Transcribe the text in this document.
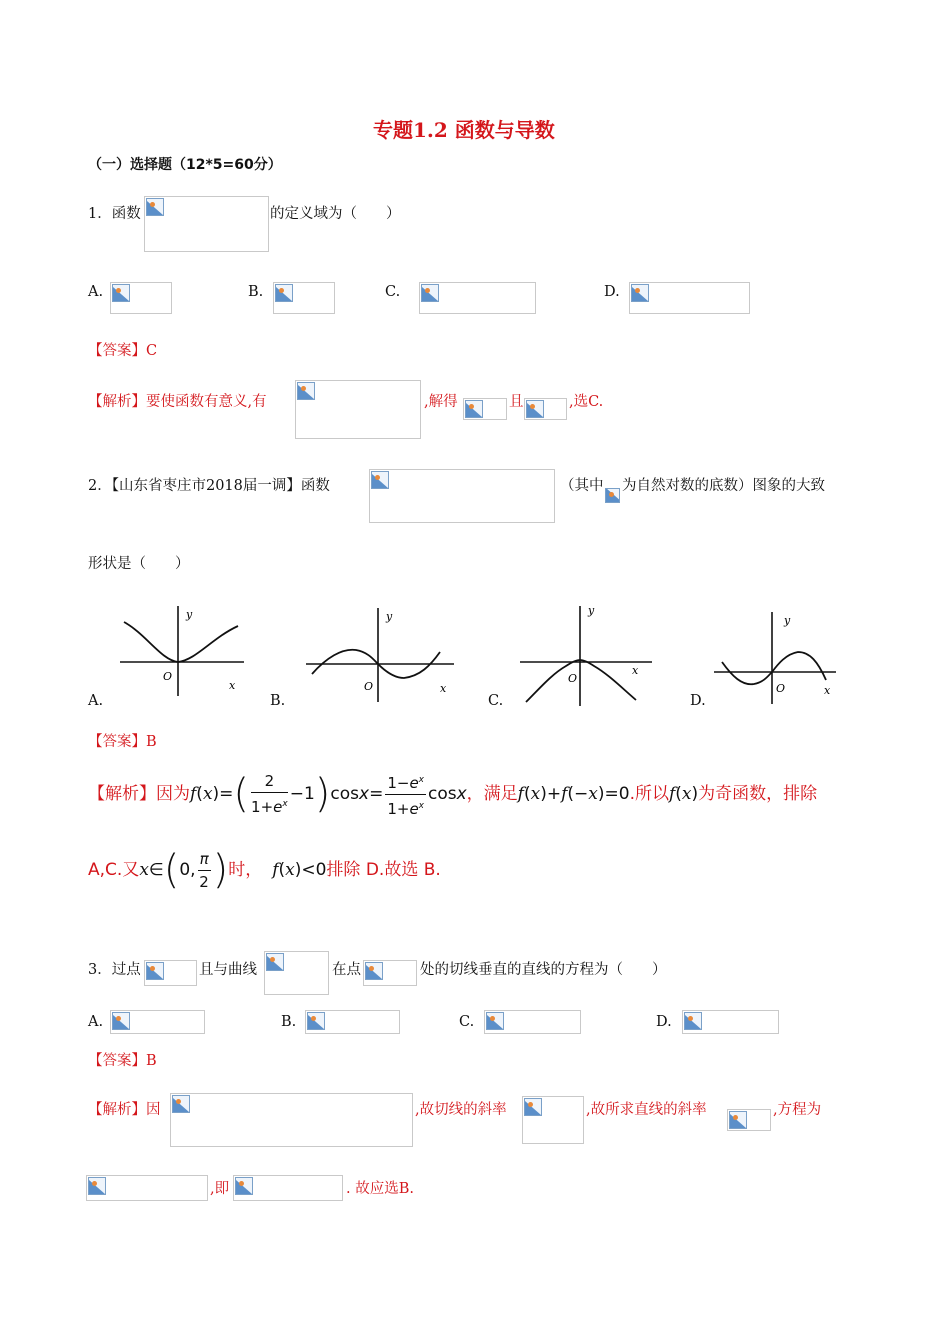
专题1.2 函数与导数
（一）选择题（12*5=60分）
1．函数	的定义域为（　　）
A.	B.	C.	D.
【答案】C
【解析】要使函数有意义,有	,解得	且	,选C.
2．【山东省枣庄市2018届一调】函数	（其中 为自然对数的底数）图象的大致
形状是（　　）
y
O
x
A.
y
O	x
B.
y
O
x
C.
y
O	x
D.
【答案】B
【解析】因为$f(x)=( \frac{2}{1+e^x} -1)\cos x= \frac{1-e^x}{1+e^x}$ cosx，满足f(x)+f(−x)=0.所以f(x)为奇函数，排除
A,C.又x∈(0, $\frac{\pi}{2}$ )时， f(x)<0排除 D.故选 B.
3．过点	且与曲线	在点	处的切线垂直的直线的方程为（　　）
A.	B.	C.	D.
【答案】B
【解析】因	,故切线的斜率	,故所求直线的斜率	,方程为
,即	. 故应选B.
